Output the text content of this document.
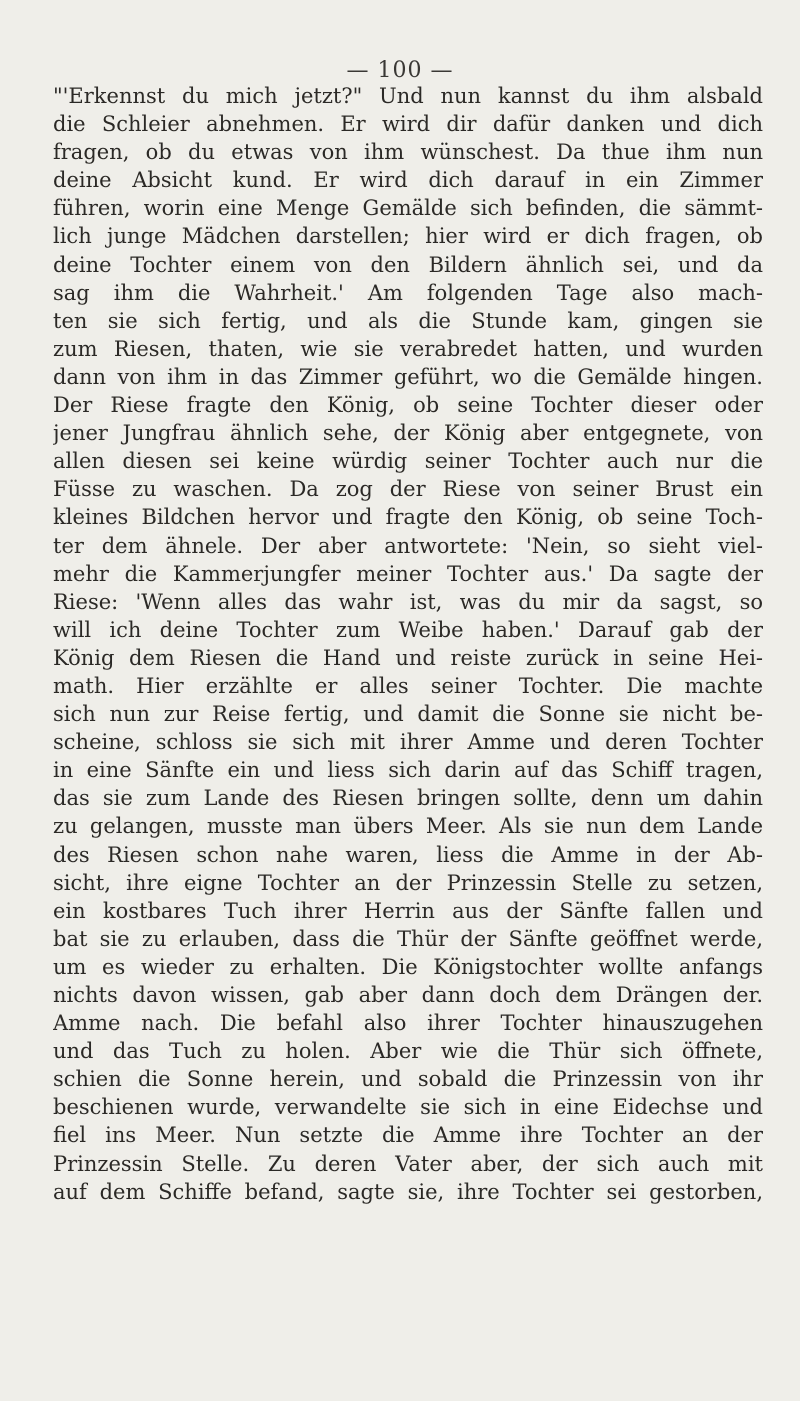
— 100 —
"'Erkennst du mich jetzt?" Und nun kannst du ihm alsbald
die Schleier abnehmen. Er wird dir dafür danken und dich
fragen, ob du etwas von ihm wünschest. Da thue ihm nun
deine Absicht kund. Er wird dich darauf in ein Zimmer
führen, worin eine Menge Gemälde sich befinden, die sämmt-
lich junge Mädchen darstellen; hier wird er dich fragen, ob
deine Tochter einem von den Bildern ähnlich sei, und da
sag ihm die Wahrheit.' Am folgenden Tage also mach-
ten sie sich fertig, und als die Stunde kam, gingen sie
zum Riesen, thaten, wie sie verabredet hatten, und wurden
dann von ihm in das Zimmer geführt, wo die Gemälde hingen.
Der Riese fragte den König, ob seine Tochter dieser oder
jener Jungfrau ähnlich sehe, der König aber entgegnete, von
allen diesen sei keine würdig seiner Tochter auch nur die
Füsse zu waschen. Da zog der Riese von seiner Brust ein
kleines Bildchen hervor und fragte den König, ob seine Toch-
ter dem ähnele. Der aber antwortete: 'Nein, so sieht viel-
mehr die Kammerjungfer meiner Tochter aus.' Da sagte der
Riese: 'Wenn alles das wahr ist, was du mir da sagst, so
will ich deine Tochter zum Weibe haben.' Darauf gab der
König dem Riesen die Hand und reiste zurück in seine Hei-
math. Hier erzählte er alles seiner Tochter. Die machte
sich nun zur Reise fertig, und damit die Sonne sie nicht be-
scheine, schloss sie sich mit ihrer Amme und deren Tochter
in eine Sänfte ein und liess sich darin auf das Schiff tragen,
das sie zum Lande des Riesen bringen sollte, denn um dahin
zu gelangen, musste man übers Meer. Als sie nun dem Lande
des Riesen schon nahe waren, liess die Amme in der Ab-
sicht, ihre eigne Tochter an der Prinzessin Stelle zu setzen,
ein kostbares Tuch ihrer Herrin aus der Sänfte fallen und
bat sie zu erlauben, dass die Thür der Sänfte geöffnet werde,
um es wieder zu erhalten. Die Königstochter wollte anfangs
nichts davon wissen, gab aber dann doch dem Drängen der.
Amme nach. Die befahl also ihrer Tochter hinauszugehen
und das Tuch zu holen. Aber wie die Thür sich öffnete,
schien die Sonne herein, und sobald die Prinzessin von ihr
beschienen wurde, verwandelte sie sich in eine Eidechse und
fiel ins Meer. Nun setzte die Amme ihre Tochter an der
Prinzessin Stelle. Zu deren Vater aber, der sich auch mit
auf dem Schiffe befand, sagte sie, ihre Tochter sei gestorben,
